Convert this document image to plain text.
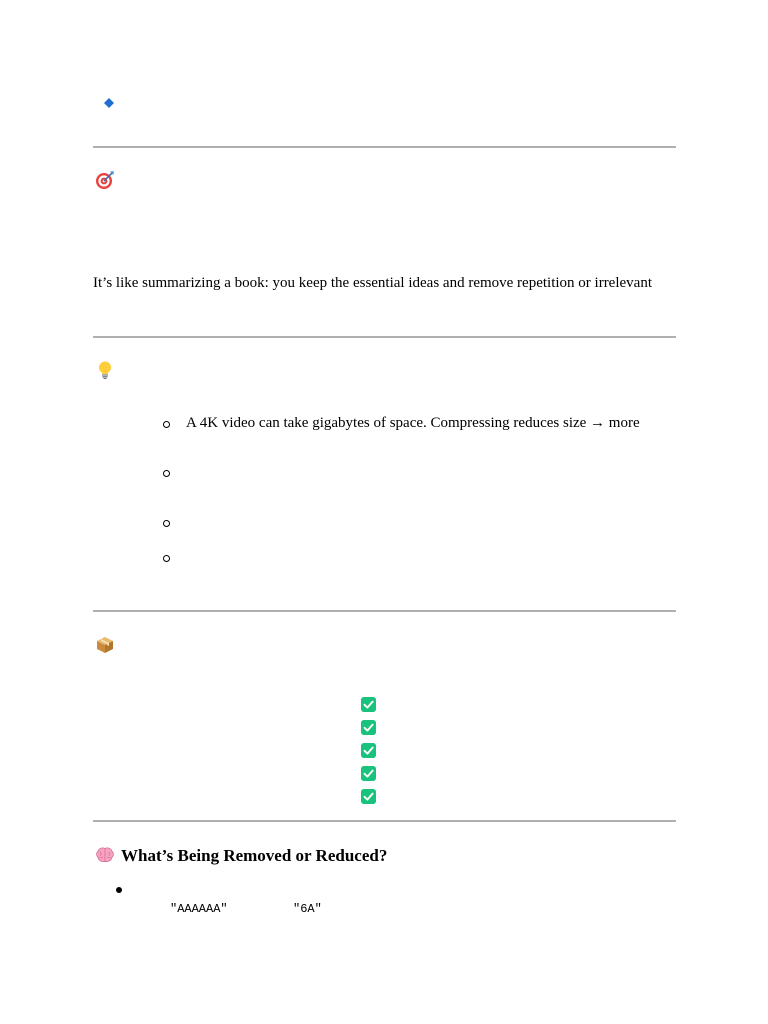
It’s like summarizing a book: you keep the essential ideas and remove repetition or irrelevant
A 4K video can take gigabytes of space. Compressing reduces size → more
What’s Being Removed or Reduced?
"AAAAAA"	"6A"
